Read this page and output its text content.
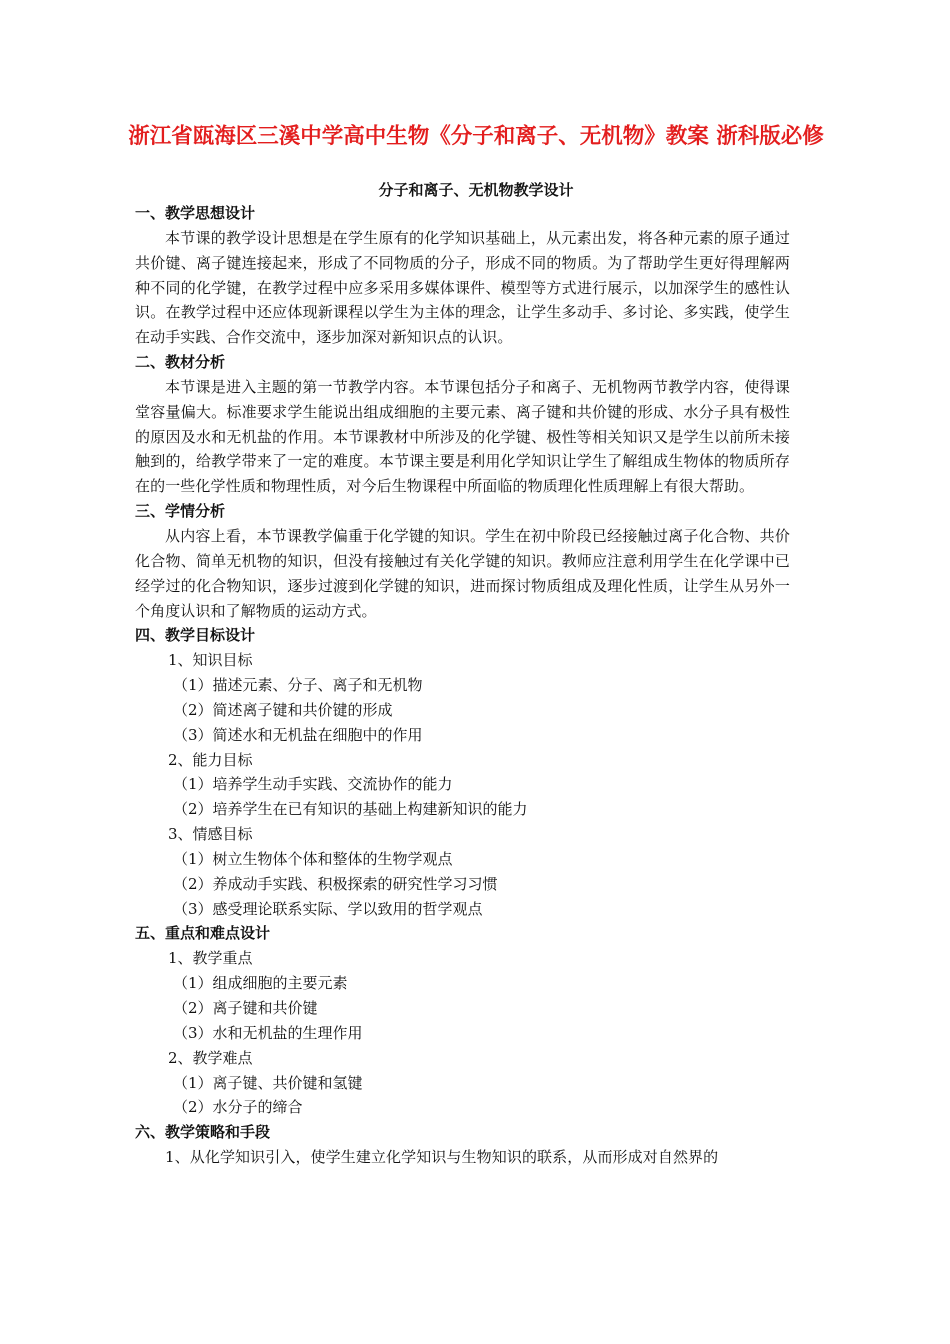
浙江省瓯海区三溪中学高中生物《分子和离子、无机物》教案 浙科版必修
分子和离子、无机物教学设计
一、教学思想设计
本节课的教学设计思想是在学生原有的化学知识基础上，从元素出发，将各种元素的原子通过共价键、离子键连接起来，形成了不同物质的分子，形成不同的物质。为了帮助学生更好得理解两种不同的化学键，在教学过程中应多采用多媒体课件、模型等方式进行展示，以加深学生的感性认识。在教学过程中还应体现新课程以学生为主体的理念，让学生多动手、多讨论、多实践，使学生在动手实践、合作交流中，逐步加深对新知识点的认识。
二、教材分析
本节课是进入主题的第一节教学内容。本节课包括分子和离子、无机物两节教学内容，使得课堂容量偏大。标准要求学生能说出组成细胞的主要元素、离子键和共价键的形成、水分子具有极性的原因及水和无机盐的作用。本节课教材中所涉及的化学键、极性等相关知识又是学生以前所未接触到的，给教学带来了一定的难度。本节课主要是利用化学知识让学生了解组成生物体的物质所存在的一些化学性质和物理性质，对今后生物课程中所面临的物质理化性质理解上有很大帮助。
三、学情分析
从内容上看，本节课教学偏重于化学键的知识。学生在初中阶段已经接触过离子化合物、共价化合物、简单无机物的知识，但没有接触过有关化学键的知识。教师应注意利用学生在化学课中已经学过的化合物知识，逐步过渡到化学键的知识，进而探讨物质组成及理化性质，让学生从另外一个角度认识和了解物质的运动方式。
四、教学目标设计
1、知识目标
（1）描述元素、分子、离子和无机物
（2）简述离子键和共价键的形成
（3）简述水和无机盐在细胞中的作用
2、能力目标
（1）培养学生动手实践、交流协作的能力
（2）培养学生在已有知识的基础上构建新知识的能力
3、情感目标
（1）树立生物体个体和整体的生物学观点
（2）养成动手实践、积极探索的研究性学习习惯
（3）感受理论联系实际、学以致用的哲学观点
五、重点和难点设计
1、教学重点
（1）组成细胞的主要元素
（2）离子键和共价键
（3）水和无机盐的生理作用
2、教学难点
（1）离子键、共价键和氢键
（2）水分子的缔合
六、教学策略和手段
1、从化学知识引入，使学生建立化学知识与生物知识的联系，从而形成对自然界的
